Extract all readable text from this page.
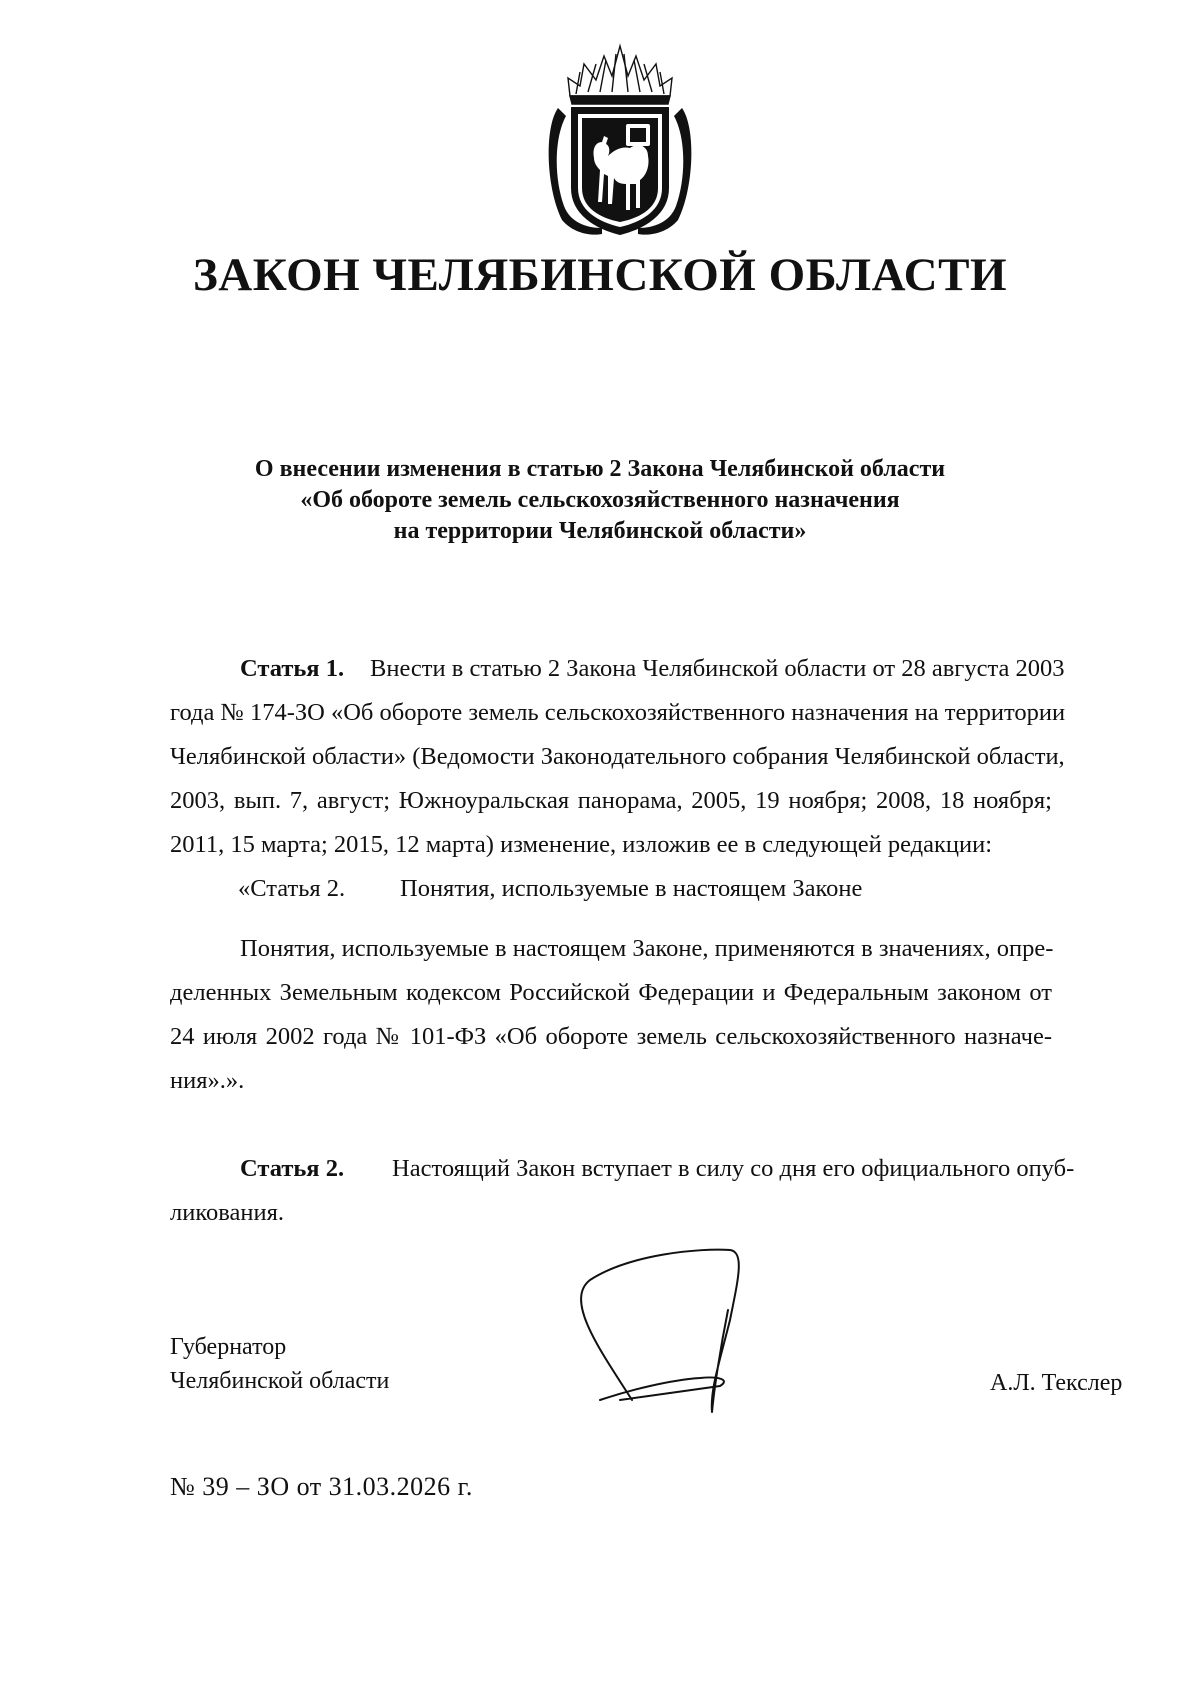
ЗАКОН ЧЕЛЯБИНСКОЙ ОБЛАСТИ
О внесении изменения в статью 2 Закона Челябинской области
«Об обороте земель сельскохозяйственного назначения
на территории Челябинской области»
Статья 1. Внести в статью 2 Закона Челябинской области от 28 августа 2003
года № 174-ЗО «Об обороте земель сельскохозяйственного назначения на территории
Челябинской области» (Ведомости Законодательного собрания Челябинской области,
2003, вып. 7, август; Южноуральская панорама, 2005, 19 ноября; 2008, 18 ноября;
2011, 15 марта; 2015, 12 марта) изменение, изложив ее в следующей редакции:
«Статья 2. Понятия, используемые в настоящем Законе
Понятия, используемые в настоящем Законе, применяются в значениях, опре-
деленных Земельным кодексом Российской Федерации и Федеральным законом от
24 июля 2002 года № 101-ФЗ «Об обороте земель сельскохозяйственного назначе-
ния».».
Статья 2. Настоящий Закон вступает в силу со дня его официального опуб-
ликования.
Губернатор
Челябинской области	А.Л. Текслер
№ 39 – ЗО от 31.03.2026 г.
